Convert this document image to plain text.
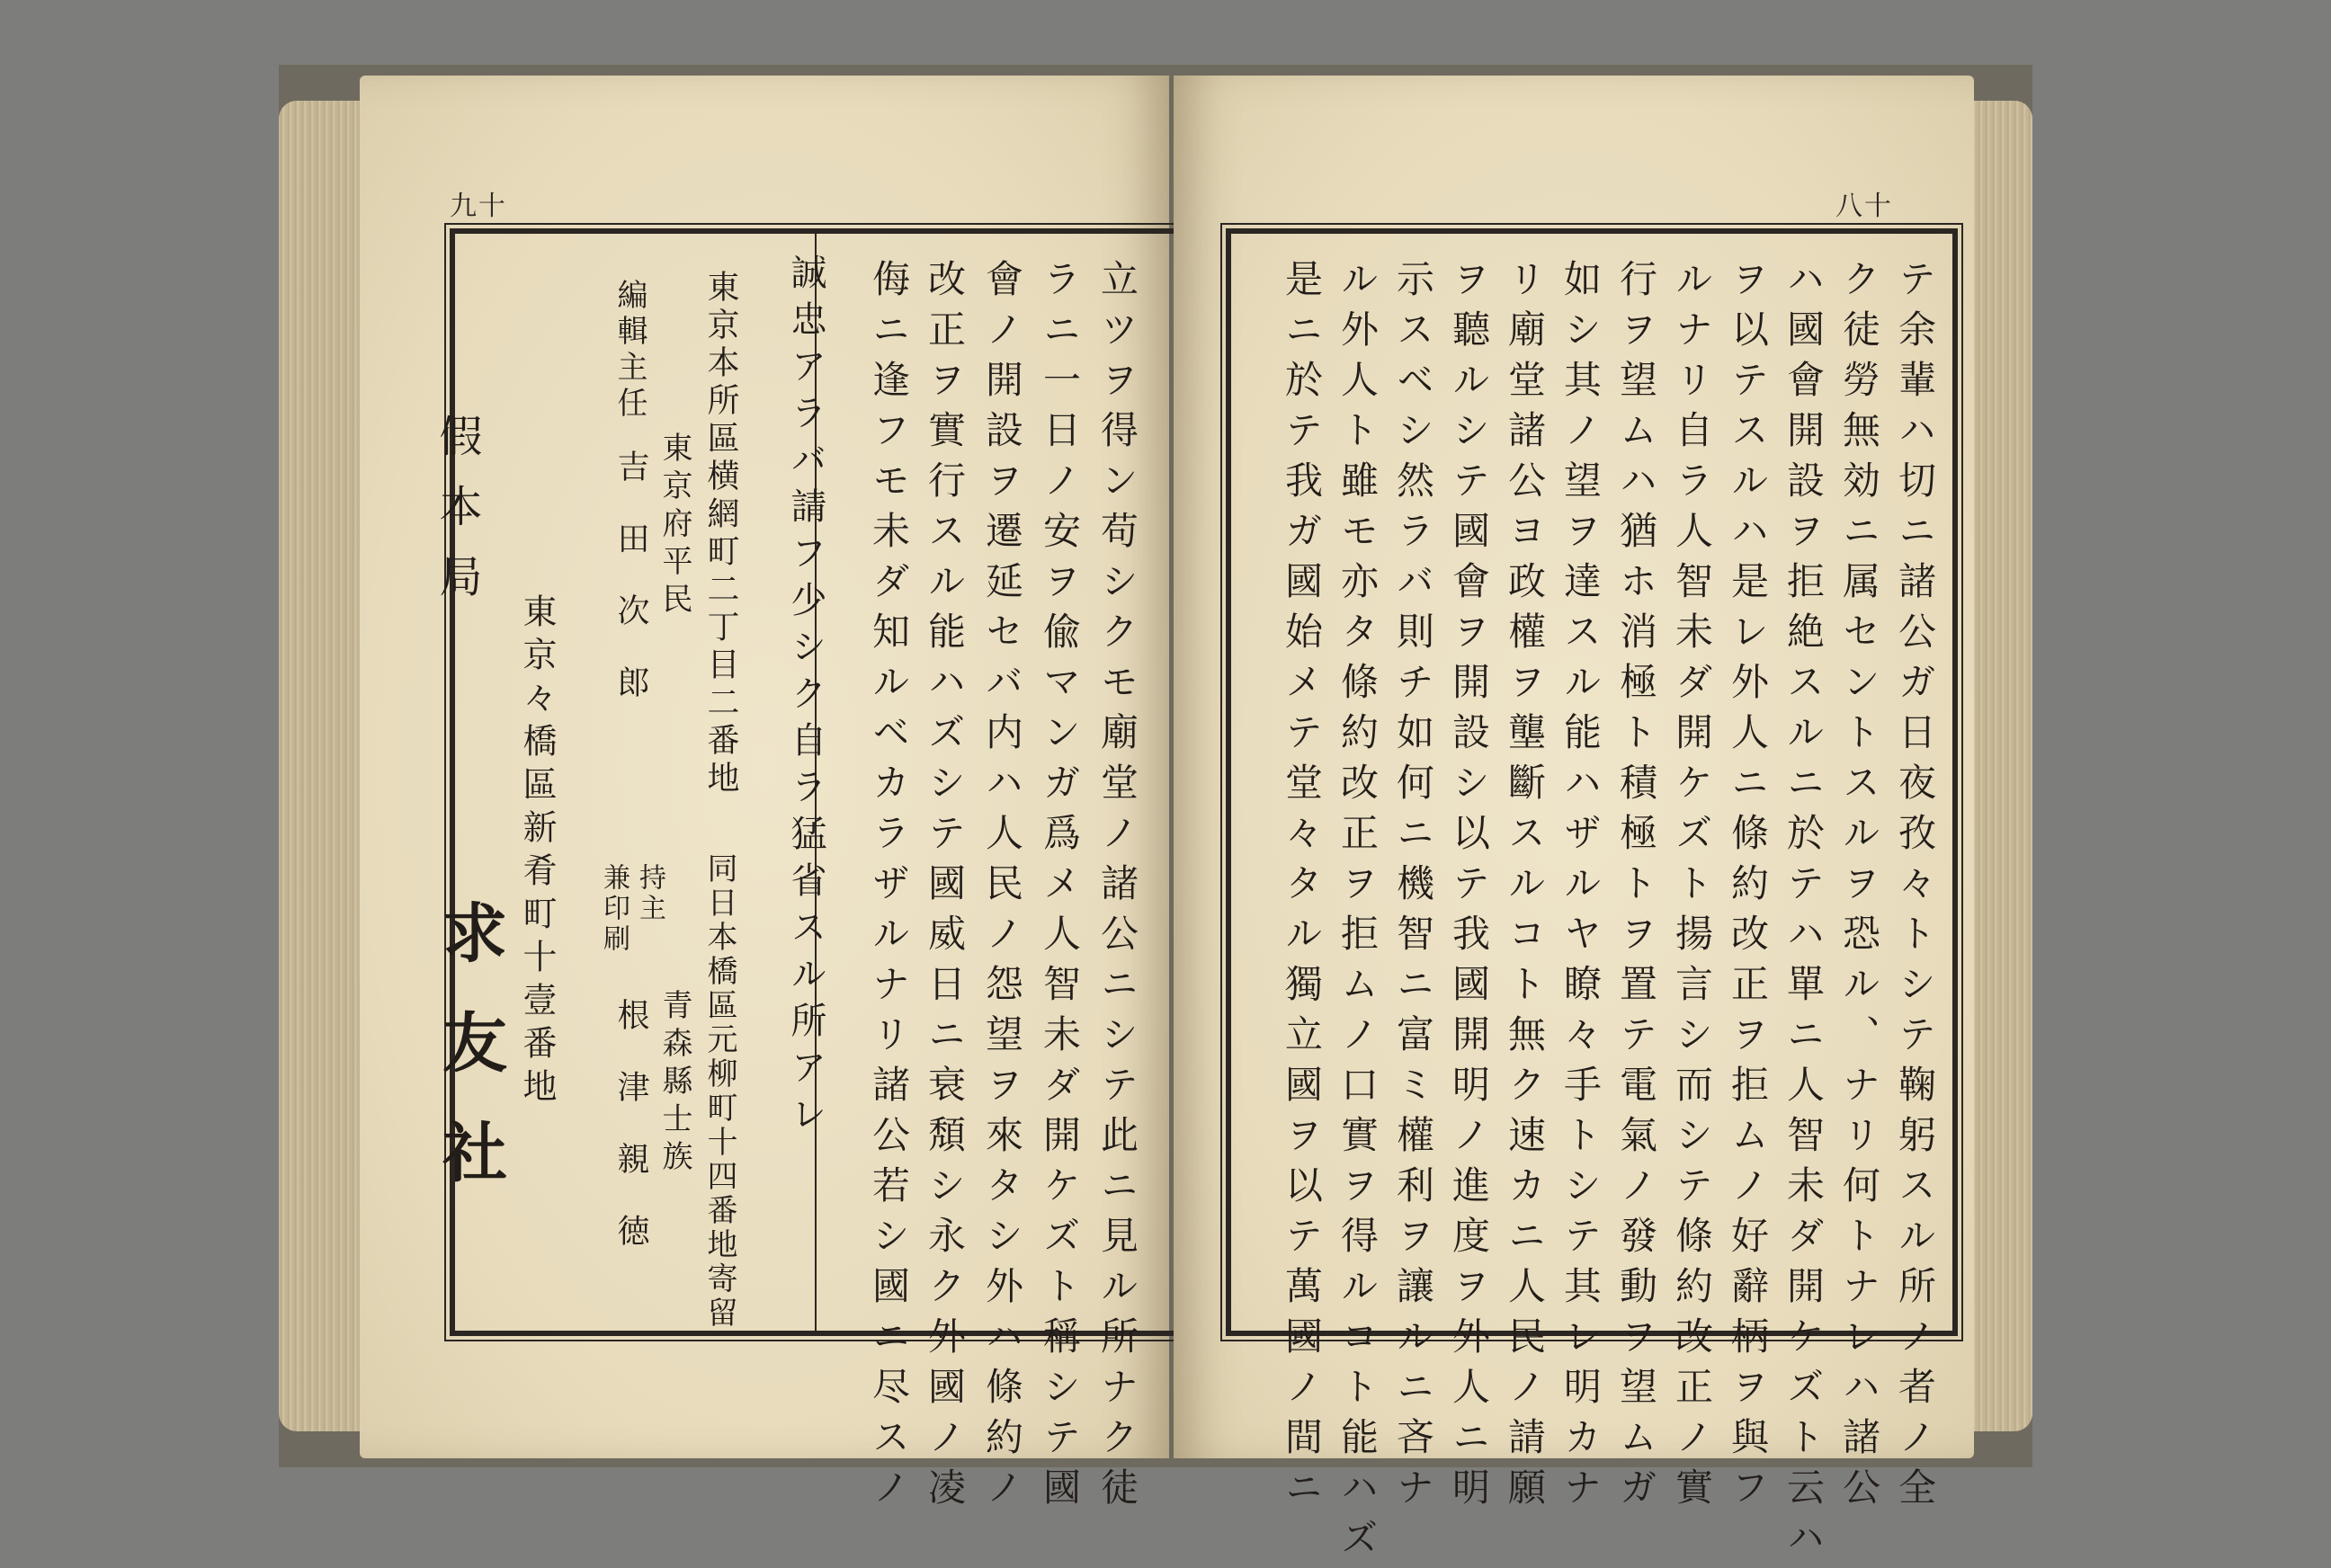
九十
立ツヲ得ン苟シクモ廟堂ノ諸公ニシテ此ニ見ル所ナク徒
ラニ一日ノ安ヲ偸マンガ爲メ人智未ダ開ケズト稱シテ國
會ノ開設ヲ遷延セバ内ハ人民ノ怨望ヲ來タシ外ハ條約ノ
改正ヲ實行スル能ハズシテ國威日ニ衰頽シ永ク外國ノ凌
侮ニ逢フモ未ダ知ルベカラザルナリ諸公若シ國ニ尽スノ
八十
テ余輩ハ切ニ諸公ガ日夜孜々トシテ鞠躬スル所ノ者ノ全
ク徒勞無効ニ属セントスルヲ恐ル、ナリ何トナレハ諸公
ハ國會開設ヲ拒絶スルニ於テハ單ニ人智未ダ開ケズト云ハ
ヲ以テスルハ是レ外人ニ條約改正ヲ拒ムノ好辭柄ヲ與フ
ルナリ自ラ人智未ダ開ケズト揚言シ而シテ條約改正ノ實
行ヲ望ムハ猶ホ消極ト積極トヲ置テ電氣ノ發動ヲ望ムガ
如シ其ノ望ヲ達スル能ハザルヤ瞭々手トシテ其レ明カナ
リ廟堂諸公ヨ政權ヲ壟斷スルコト無ク速カニ人民ノ請願
ヲ聽ルシテ國會ヲ開設シ以テ我國開明ノ進度ヲ外人ニ明
示スベシ然ラバ則チ如何ニ機智ニ富ミ權利ヲ讓ルニ吝ナ
ル外人ト雖モ亦タ條約改正ヲ拒ムノ口實ヲ得ルコト能ハズ
是ニ於テ我ガ國始メテ堂々タル獨立國ヲ以テ萬國ノ間ニ
誠忠アラバ請フ少シク自ラ猛省スル所アレ
東京本所區横網町二丁目二番地
同日本橋區元柳町十四番地寄留
東京府平民
青森縣士族
編輯主任
吉　田　次　郎
持主
兼印刷
根　津　親　徳
假本局
東京々橋區新肴町十壹番地
求友社
